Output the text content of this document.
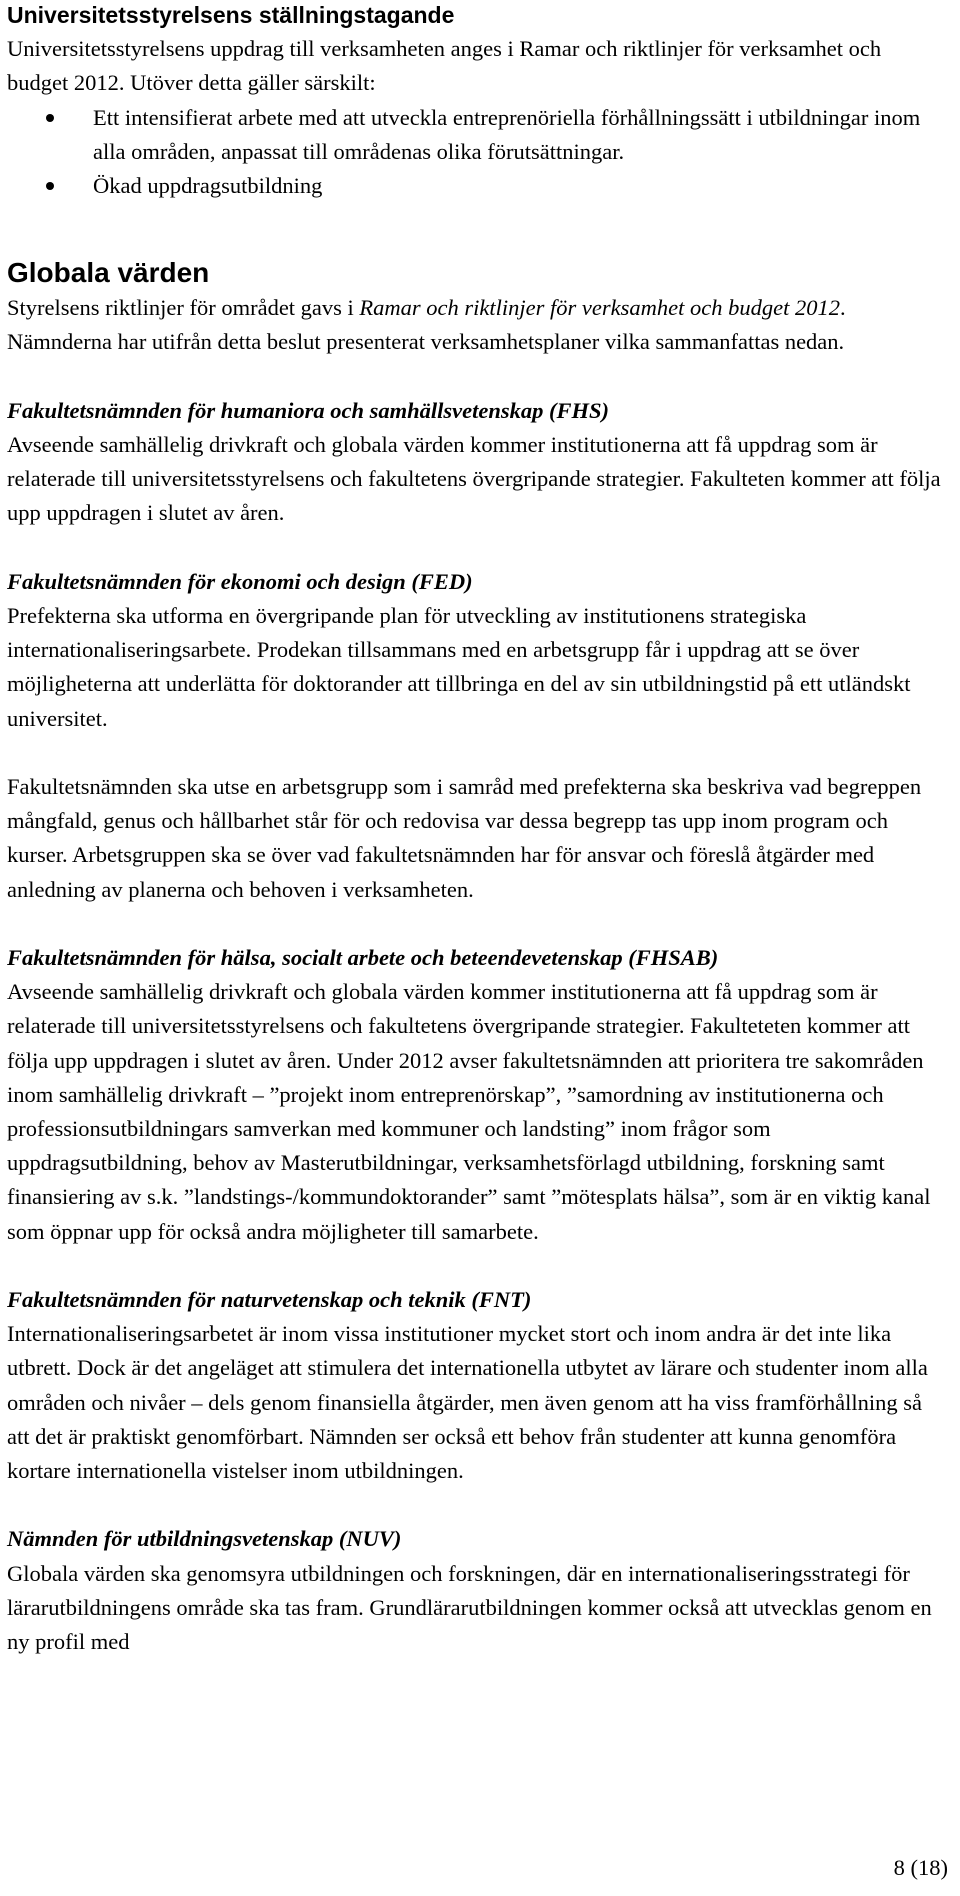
Universitetsstyrelsens ställningstagande

Universitetsstyrelsens uppdrag till verksamheten anges i Ramar och riktlinjer för verksamhet och budget 2012. Utöver detta gäller särskilt:

Ett intensifierat arbete med att utveckla entreprenöriella förhållningssätt i utbildningar inom alla områden, anpassat till områdenas olika förutsättningar.
Ökad uppdragsutbildning
Globala värden

Styrelsens riktlinjer för området gavs i Ramar och riktlinjer för verksamhet och budget 2012. Nämnderna har utifrån detta beslut presenterat verksamhetsplaner vilka sammanfattas nedan.

Fakultetsnämnden för humaniora och samhällsvetenskap (FHS)

Avseende samhällelig drivkraft och globala värden kommer institutionerna att få uppdrag som är relaterade till universitetsstyrelsens och fakultetens övergripande strategier. Fakulteten kommer att följa upp uppdragen i slutet av åren.

Fakultetsnämnden för ekonomi och design (FED)

Prefekterna ska utforma en övergripande plan för utveckling av institutionens strategiska internationaliseringsarbete. Prodekan tillsammans med en arbetsgrupp får i uppdrag att se över möjligheterna att underlätta för doktorander att tillbringa en del av sin utbildningstid på ett utländskt universitet.

Fakultetsnämnden ska utse en arbetsgrupp som i samråd med prefekterna ska beskriva vad begreppen mångfald, genus och hållbarhet står för och redovisa var dessa begrepp tas upp inom program och kurser. Arbetsgruppen ska se över vad fakultetsnämnden har för ansvar och föreslå åtgärder med anledning av planerna och behoven i verksamheten.

Fakultetsnämnden för hälsa, socialt arbete och beteendevetenskap (FHSAB)

Avseende samhällelig drivkraft och globala värden kommer institutionerna att få uppdrag som är relaterade till universitetsstyrelsens och fakultetens övergripande strategier. Fakulteteten kommer att följa upp uppdragen i slutet av åren. Under 2012 avser fakultetsnämnden att prioritera tre sakområden inom samhällelig drivkraft – ”projekt inom entreprenörskap”, ”samordning av institutionerna och professionsutbildningars samverkan med kommuner och landsting” inom frågor som uppdragsutbildning, behov av Masterutbildningar, verksamhetsförlagd utbildning, forskning samt finansiering av s.k. ”landstings-/kommundoktorander” samt ”mötesplats hälsa”, som är en viktig kanal som öppnar upp för också andra möjligheter till samarbete.

Fakultetsnämnden för naturvetenskap och teknik (FNT)

Internationaliseringsarbetet är inom vissa institutioner mycket stort och inom andra är det inte lika utbrett. Dock är det angeläget att stimulera det internationella utbytet av lärare och studenter inom alla områden och nivåer – dels genom finansiella åtgärder, men även genom att ha viss framförhållning så att det är praktiskt genomförbart. Nämnden ser också ett behov från studenter att kunna genomföra kortare internationella vistelser inom utbildningen.

Nämnden för utbildningsvetenskap (NUV)

Globala värden ska genomsyra utbildningen och forskningen, där en internationaliseringsstrategi för lärarutbildningens område ska tas fram. Grundlärarutbildningen kommer också att utvecklas genom en ny profil med

8 (18)
